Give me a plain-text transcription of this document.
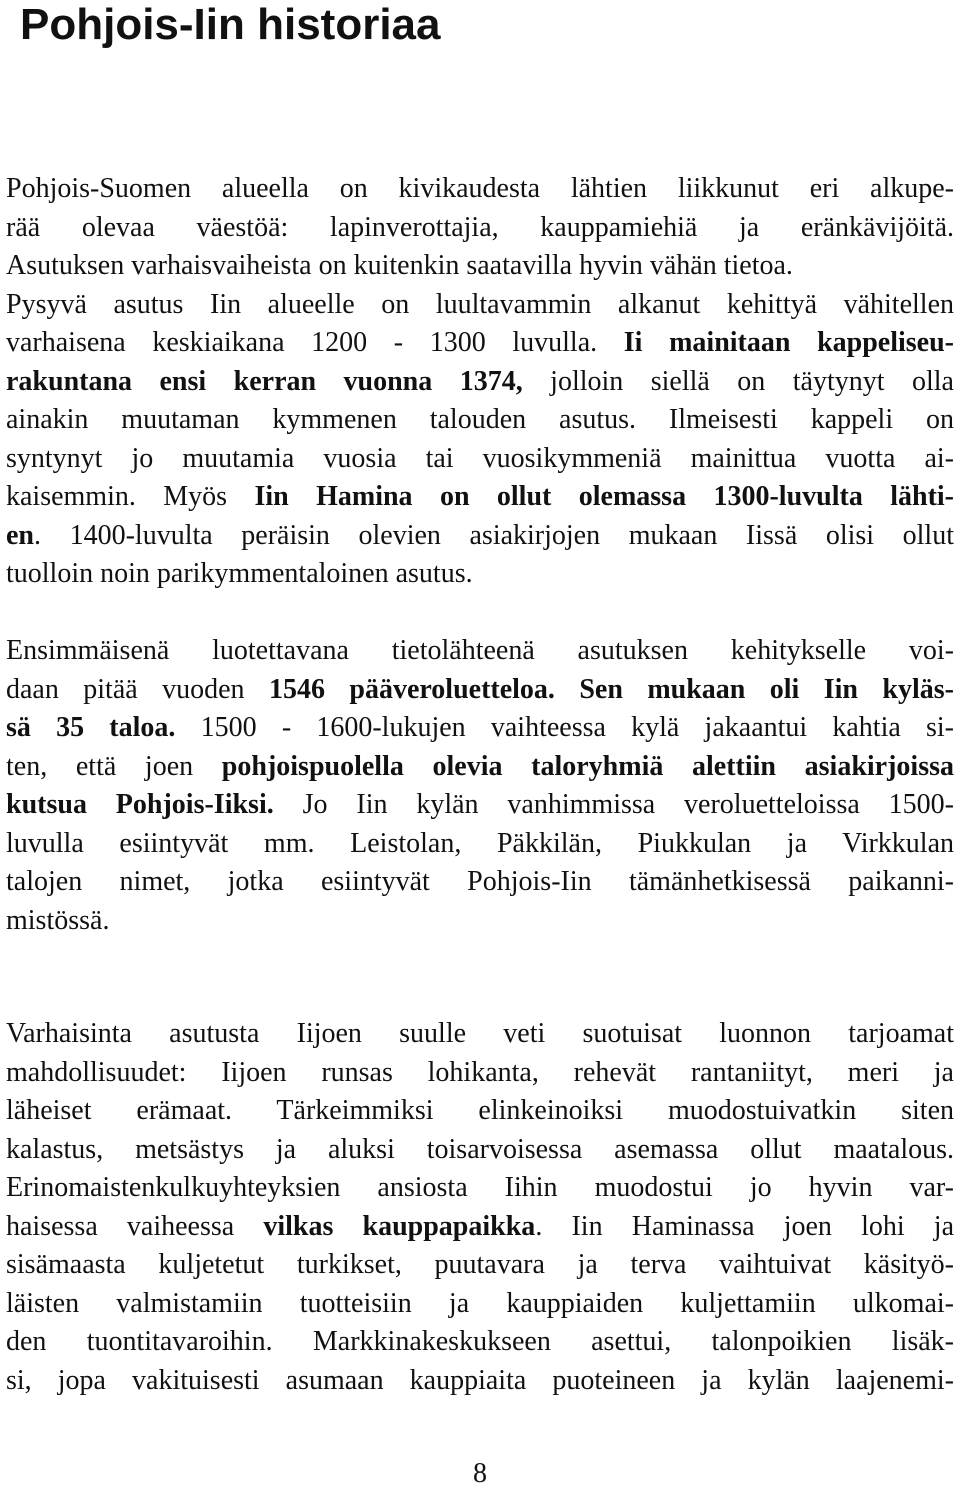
Pohjois-Iin historiaa
Pohjois-Suomen alueella on kivikaudesta lähtien liikkunut eri alkupe-
rää olevaa väestöä: lapinverottajia, kauppamiehiä ja eränkävijöitä.
Asutuksen varhaisvaiheista on kuitenkin saatavilla hyvin vähän tietoa.
Pysyvä asutus Iin alueelle on luultavammin alkanut kehittyä vähitellen
varhaisena keskiaikana 1200 - 1300 luvulla. Ii mainitaan kappeliseu-
rakuntana ensi kerran vuonna 1374, jolloin siellä on täytynyt olla
ainakin muutaman kymmenen talouden asutus. Ilmeisesti kappeli on
syntynyt jo muutamia vuosia tai vuosikymmeniä mainittua vuotta ai-
kaisemmin. Myös Iin Hamina on ollut olemassa 1300-luvulta lähti-
en. 1400-luvulta peräisin olevien asiakirjojen mukaan Iissä olisi ollut
tuolloin noin parikymmentaloinen asutus.
Ensimmäisenä luotettavana tietolähteenä asutuksen kehitykselle voi-
daan pitää vuoden 1546 pääveroluetteloa. Sen mukaan oli Iin kyläs-
sä 35 taloa. 1500 - 1600-lukujen vaihteessa kylä jakaantui kahtia si-
ten, että joen pohjoispuolella olevia taloryhmiä alettiin asiakirjoissa
kutsua Pohjois-Iiksi. Jo Iin kylän vanhimmissa veroluetteloissa 1500-
luvulla esiintyvät mm. Leistolan, Päkkilän, Piukkulan ja Virkkulan
talojen nimet, jotka esiintyvät Pohjois-Iin tämänhetkisessä paikanni-
mistössä.
Varhaisinta asutusta Iijoen suulle veti suotuisat luonnon tarjoamat
mahdollisuudet: Iijoen runsas lohikanta, rehevät rantaniityt, meri ja
läheiset erämaat. Tärkeimmiksi elinkeinoiksi muodostuivatkin siten
kalastus, metsästys ja aluksi toisarvoisessa asemassa ollut maatalous.
Erinomaistenkulkuyhteyksien ansiosta Iihin muodostui jo hyvin var-
haisessa vaiheessa vilkas kauppapaikka. Iin Haminassa joen lohi ja
sisämaasta kuljetetut turkikset, puutavara ja terva vaihtuivat käsityö-
läisten valmistamiin tuotteisiin ja kauppiaiden kuljettamiin ulkomai-
den tuontitavaroihin. Markkinakeskukseen asettui, talonpoikien lisäk-
si, jopa vakituisesti asumaan kauppiaita puoteineen ja kylän laajenemi-
8
